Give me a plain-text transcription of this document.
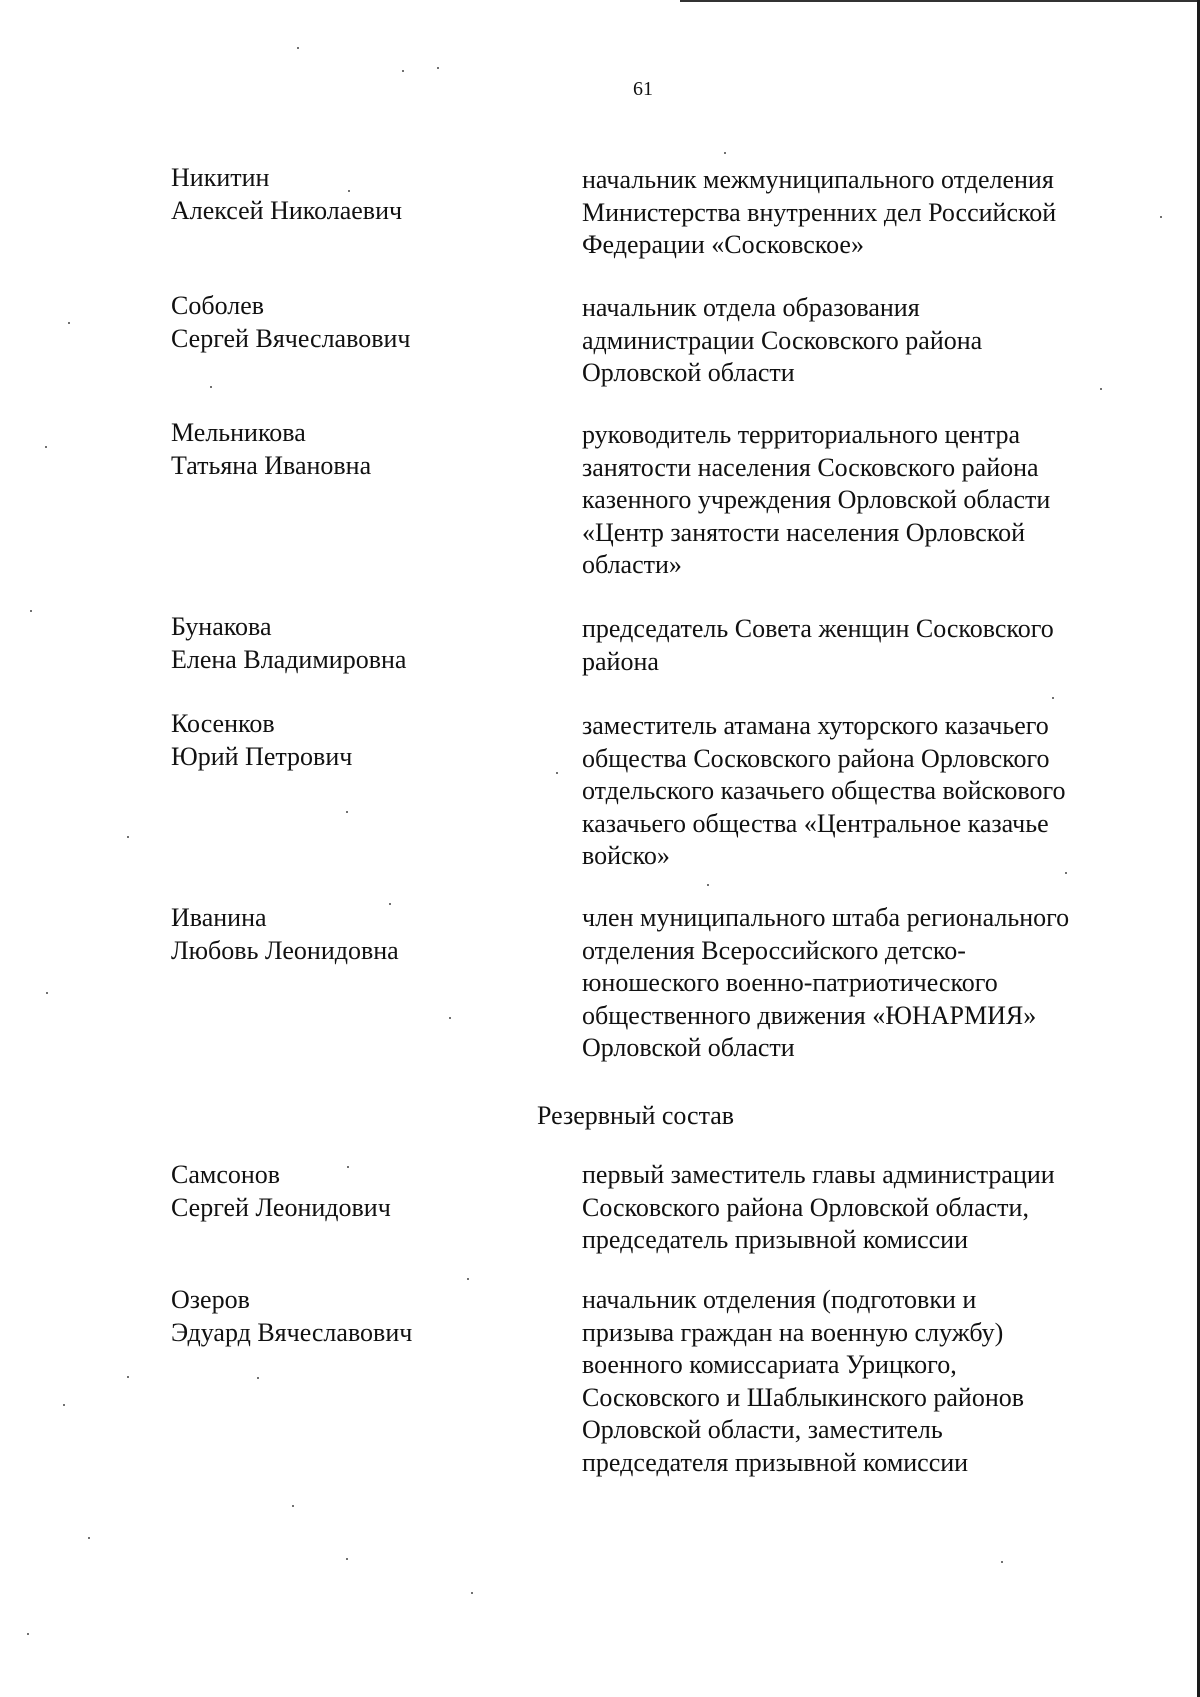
61
Никитин
Алексей Николаевич
начальник межмуниципального отделения
Министерства внутренних дел Российской
Федерации «Сосковское»
Соболев
Сергей Вячеславович
начальник отдела образования
администрации Сосковского района
Орловской области
Мельникова
Татьяна Ивановна
руководитель территориального центра
занятости населения Сосковского района
казенного учреждения Орловской области
«Центр занятости населения Орловской
области»
Бунакова
Елена Владимировна
председатель Совета женщин Сосковского
района
Косенков
Юрий Петрович
заместитель атамана хуторского казачьего
общества Сосковского района Орловского
отдельского казачьего общества войскового
казачьего общества «Центральное казачье
войско»
Иванина
Любовь Леонидовна
член муниципального штаба регионального
отделения Всероссийского детско-
юношеского военно-патриотического
общественного движения «ЮНАРМИЯ»
Орловской области
Резервный состав
Самсонов
Сергей Леонидович
первый заместитель главы администрации
Сосковского района Орловской области,
председатель призывной комиссии
Озеров
Эдуард Вячеславович
начальник отделения (подготовки и
призыва граждан на военную службу)
военного комиссариата Урицкого,
Сосковского и Шаблыкинского районов
Орловской области, заместитель
председателя призывной комиссии
